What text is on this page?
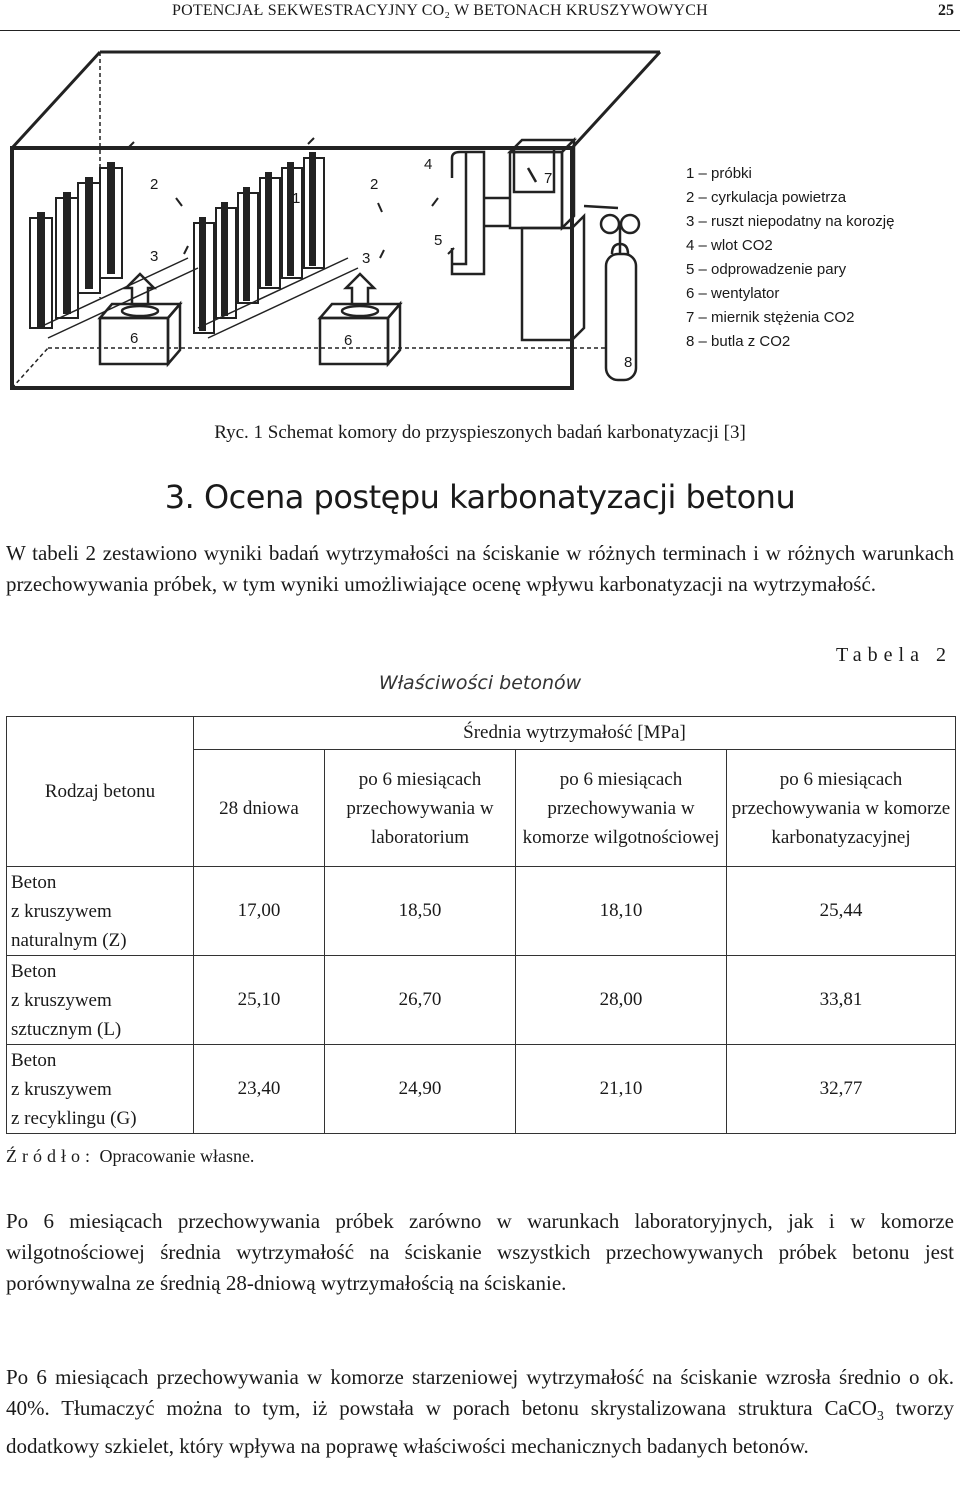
POTENCJAŁ SEKWESTRACYJNY CO₂ W BETONACH KRUSZYWOWYCH	25
2
3
6
2
3
6
1
4
5
7
8
1 – próbki
2 – cyrkulacja powietrza
3 – ruszt niepodatny na korozję
4 – wlot CO2
5 – odprowadzenie pary
6 – wentylator
7 – miernik stężenia CO2
8 – butla z CO2
Ryc. 1 Schemat komory do przyspieszonych badań karbonatyzacji [3]
3. Ocena postępu karbonatyzacji betonu
W tabeli 2 zestawiono wyniki badań wytrzymałości na ściskanie w różnych terminach i w różnych warunkach przechowywania próbek, w tym wyniki umożliwiające ocenę wpływu karbonatyzacji na wytrzymałość.
Tabela 2
Właściwości betonów
Rodzaj betonu	Średnia wytrzymałość [MPa]			
	28 dniowa	po 6 miesiącach przechowywania w laboratorium	po 6 miesiącach przechowywania w komorze wilgotnościowej	po 6 miesiącach przechowywania w komorze karbonatyzacyjnej
Beton
z kruszywem
naturalnym (Z)	17,00	18,50	18,10	25,44
Beton
z kruszywem
sztucznym (L)	25,10	26,70	28,00	33,81
Beton
z kruszywem
z recyklingu (G)	23,40	24,90	21,10	32,77
Źródło: Opracowanie własne.
Po 6 miesiącach przechowywania próbek zarówno w warunkach laboratoryjnych, jak i w komorze wilgotnościowej średnia wytrzymałość na ściskanie wszystkich przechowywanych próbek betonu jest porównywalna ze średnią 28-dniową wytrzymałością na ściskanie.
Po 6 miesiącach przechowywania w komorze starzeniowej wytrzymałość na ściskanie wzrosła średnio o ok. 40%. Tłumaczyć można to tym, iż powstała w porach betonu skrystalizowana struktura CaCO$_3$ tworzy dodatkowy szkielet, który wpływa na poprawę właściwości mechanicznych badanych betonów.
